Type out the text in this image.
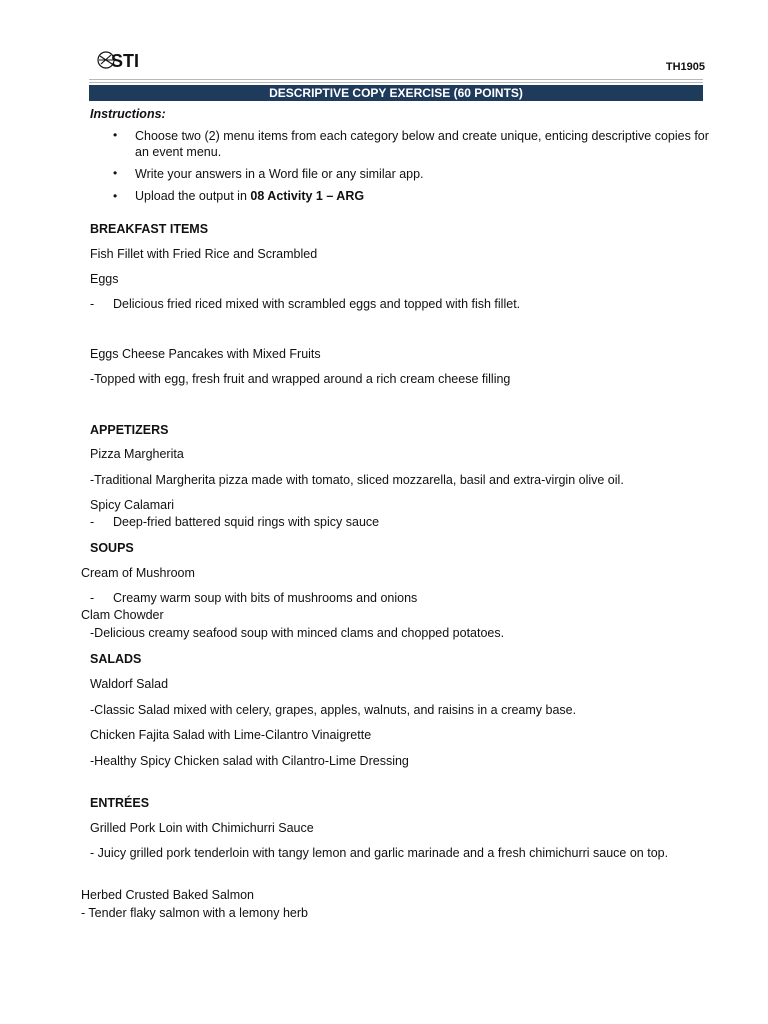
STI	TH1905
DESCRIPTIVE COPY EXERCISE (60 POINTS)
Instructions:
• Choose two (2) menu items from each category below and create unique, enticing descriptive copies for an event menu.
• Write your answers in a Word file or any similar app.
• Upload the output in 08 Activity 1 – ARG
BREAKFAST ITEMS
Fish Fillet with Fried Rice and Scrambled
Eggs
- Delicious fried riced mixed with scrambled eggs and topped with fish fillet.
Eggs Cheese Pancakes with Mixed Fruits
-Topped with egg, fresh fruit and wrapped around a rich cream cheese filling
APPETIZERS
Pizza Margherita
-Traditional Margherita pizza made with tomato, sliced mozzarella, basil and extra-virgin olive oil.
Spicy Calamari
- Deep-fried battered squid rings with spicy sauce
SOUPS
Cream of Mushroom
- Creamy warm soup with bits of mushrooms and onions
Clam Chowder
-Delicious creamy seafood soup with minced clams and chopped potatoes.
SALADS
Waldorf Salad
-Classic Salad mixed with celery, grapes, apples, walnuts, and raisins in a creamy base.
Chicken Fajita Salad with Lime-Cilantro Vinaigrette
-Healthy Spicy Chicken salad with Cilantro-Lime Dressing
ENTRÉES
Grilled Pork Loin with Chimichurri Sauce
- Juicy grilled pork tenderloin with tangy lemon and garlic marinade and a fresh chimichurri sauce on top.
Herbed Crusted Baked Salmon
- Tender flaky salmon with a lemony herb
